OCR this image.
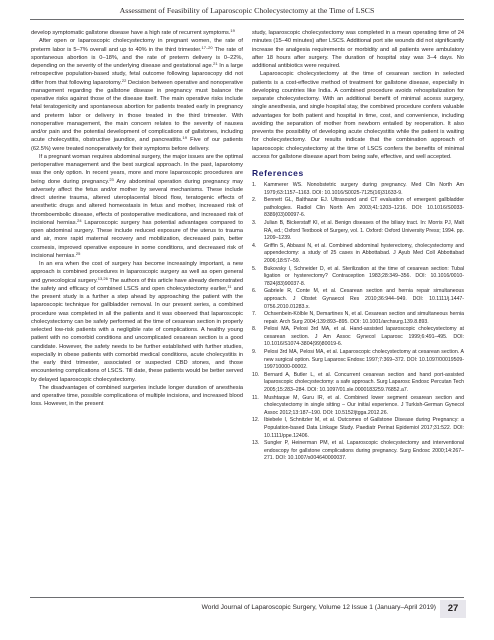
Assessment of Feasibility of Laparoscopic Cholecystectomy at the Time of LSCS

develop symptomatic gallstone disease have a high rate of recurrent symptoms.$^{19}$

After open or laparoscopic cholecystectomy in pregnant women, the rate of preterm labor is 5–7% overall and up to 40% in the third trimester.$^{17-20}$ The rate of spontaneous abortion is 0–18%, and the rate of preterm delivery is 0–22%, depending on the severity of the underlying disease and gestational age.$^{21}$ In a large retrospective population-based study, fetal outcome following laparoscopy did not differ from that following laparotomy.$^{22}$ Decision between operative and nonoperative management regarding the gallstone disease in pregnancy must balance the operative risks against those of the disease itself. The main operative risks include fetal teratogenicity and spontaneous abortion for patients treated early in pregnancy and preterm labor or delivery in those treated in the third trimester. With nonoperative management, the main concern relates to the severity of nausea and/or pain and the potential development of complications of gallstones, including acute cholecystitis, obstructive jaundice, and pancreatitis.$^{19}$ Five of our patients (62.5%) were treated nonoperatively for their symptoms before delivery.

If a pregnant woman requires abdominal surgery, the major issues are the optimal perioperative management and the best surgical approach. In the past, laparotomy was the only option. In recent years, more and more laparoscopic procedures are being done during pregnancy.$^{23}$ Any abdominal operation during pregnancy may adversely affect the fetus and/or mother by several mechanisms. These include direct uterine trauma, altered uteroplacental blood flow, teratogenic effects of anesthetic drugs and altered homeostasis in fetus and mother, increased risk of thromboembolic disease, effects of postoperative medications, and increased risk of incisional hernias.$^{24}$ Laparoscopic surgery has potential advantages compared to open abdominal surgery. These include reduced exposure of the uterus to trauma and air, more rapid maternal recovery and mobilization, decreased pain, better cosmesis, improved operative exposure in some conditions, and decreased risk of incisional hernias.$^{25}$

In an era when the cost of surgery has become increasingly important, a new approach is combined procedures in laparoscopic surgery as well as open general and gynecological surgery.$^{13,26}$ The authors of this article have already demonstrated the safety and efficacy of combined LSCS and open cholecystectomy earlier,$^{11}$ and the present study is a further a step ahead by approaching the patient with the laparoscopic technique for gallbladder removal. In our present series, a combined procedure was completed in all the patients and it was observed that laparoscopic cholecystectomy can be safely performed at the time of cesarean section in properly selected low-risk patients with a negligible rate of complications. A healthy young patient with no comorbid conditions and uncomplicated cesarean section is a good candidate. However, the safety needs to be further established with further studies, especially in obese patients with comorbid medical conditions, acute cholecystitis in the early third trimester, associated or suspected CBD stones, and those encountering complications of LSCS. Till date, these patients would be better served by delayed laparoscopic cholecystectomy.

The disadvantages of combined surgeries include longer duration of anesthesia and operative time, possible complications of multiple incisions, and increased blood loss. However, in the present

study, laparoscopic cholecystectomy was completed in a mean operating time of 24 minutes (15–40 minutes) after LSCS. Additional port site wounds did not significantly increase the analgesia requirements or morbidity and all patients were ambulatory after 18 hours after surgery. The duration of hospital stay was 3–4 days. No additional antibiotics were required.

Laparoscopic cholecystectomy at the time of cesarean section in selected patients is a cost-effective method of treatment for gallstone disease, especially in developing countries like India. A combined procedure avoids rehospitalization for separate cholecystectomy. With an additional benefit of minimal access surgery, single anesthesia, and single hospital stay, the combined procedure confers valuable advantages for both patient and hospital in time, cost, and convenience, including avoiding the separation of mother from newborn entailed by reoperation. It also prevents the possibility of developing acute cholecystitis while the patient is waiting for cholecystectomy. Our results indicate that the combination approach of laparoscopic cholecystectomy at the time of LSCS confers the benefits of minimal access for gallstone disease apart from being safe, effective, and well accepted.

References
1. Kammerer WS. Nonobstetric surgery during pregnancy. Med Clin North Am 1979;63:1157–1163. DOI: 10.1016/S0025-7125(16)31633-9.
2. Bennett GL, Balthazar EJ. Ultrasound and CT evaluation of emergent gallbladder pathologies. Radiol Clin North Am 2003;41:1203–1216. DOI: 10.1016/S0033-8389(03)00097-6.
3. Julian B, Bickerstaff KI, et al. Benign diseases of the biliary tract. In: Morris PJ, Malt RA, ed.; Oxford Textbook of Surgery, vol. 1. Oxford: Oxford University Press; 1994. pp. 1209–1239.
4. Griffin S, Abbassi N, et al. Combined abdominal hysterectomy, cholecystectomy and appendectomy: a study of 25 cases in Abbottabad. J Ayub Med Coll Abbottabad 2006;18:57–59.
5. Bukovsky I, Schneider D, et al. Sterilization at the time of cesarean section: Tubal ligation or hysterectomy? Contraception 1983;28:349–356. DOI: 10.1016/0010-7824(83)90037-8.
6. Gabriele R, Conte M, et al. Cesarean section and hernia repair simultaneous approach. J Obstet Gynaecol Res 2010;36:944–949. DOI: 10.1111/j.1447-0756.2010.01283.x.
7. Ochsenbein-Kölble N, Demartines N, et al. Cesarean section and simultaneous hernia repair. Arch Surg 2004;139:893–895. DOI: 10.1001/archsurg.139.8.893.
8. Pelosi MA, Pelosi 3rd MA, et al. Hand-assisted laparoscopic cholecystectomy at cesarean section. J Am Assoc Gynecol Laparosc 1999;6:491–495. DOI: 10.1016/S1074-3804(99)80019-6.
9. Pelosi 3rd MA, Pelosi MA, et al. Laparoscopic cholecystectomy at cesarean section. A new surgical option. Surg Laparosc Endosc 1997;7:369–372. DOI: 10.1097/00019509-199710000-00002.
10. Bernard A, Butler L, et al. Concurrent cesarean section and hand port-assisted laparoscopic cholecystectomy: a safe approach. Surg Laparosc Endosc Percutan Tech 2005;15:283–284. DOI: 10.1097/01.sle.0000183259.76852.a7.
11. Mushtaque M, Guru IR, et al. Combined lower segment cesarean section and cholecystectomy in single sitting – Our initial experience. J Turkish-German Gynecol Assoc 2012;13:187–190. DOI: 10.5152/jtgga.2012.26.
12. Ibiebele I, Schnitzler M, et al. Outcomes of Gallstone Disease during Pregnancy: a Population-based Data Linkage Study. Paediatr Perinat Epidemiol 2017;31:522. DOI: 10.1111/ppe.12406.
13. Sungler P, Heinerman PM, et al. Laparoscopic cholecystectomy and interventional endoscopy for gallstone complications during pregnancy. Surg Endosc 2000;14:267–271. DOI: 10.1007/s004640000037.
World Journal of Laparoscopic Surgery, Volume 12 Issue 1 (January–April 2019)	27
